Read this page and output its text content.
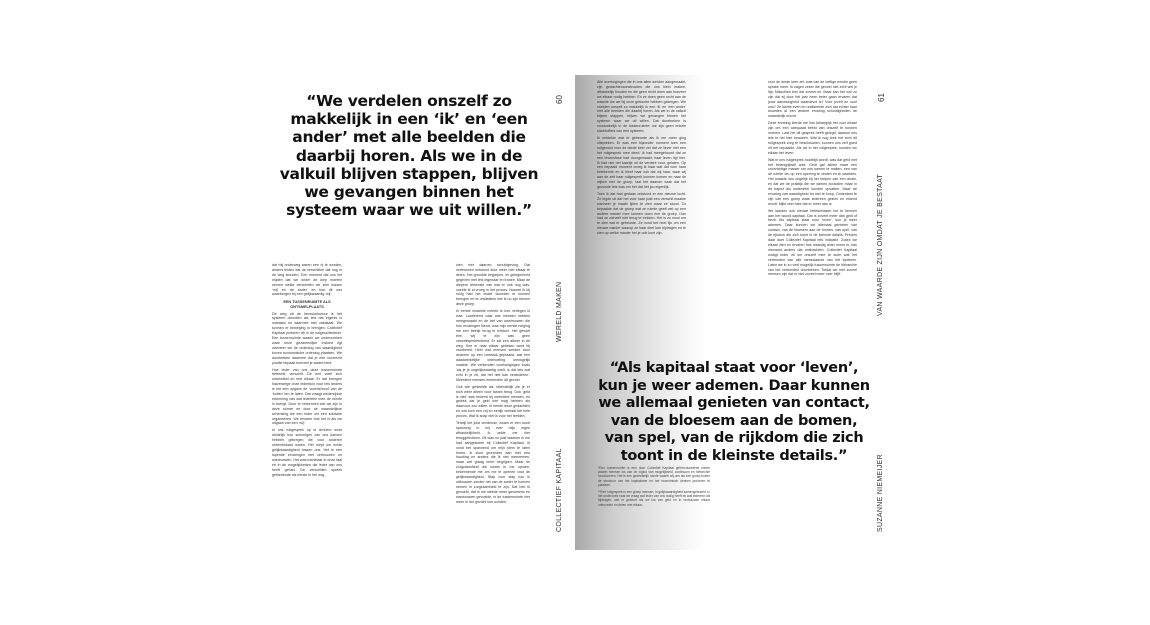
“We verdelen onszelf zo makkelijk in een ‘ik’ en ‘een ander’ met alle beelden die daarbij horen. Als we in de valkuil blijven stappen, blijven we gevangen binnen het systeem waar we uit willen.”
60
WERELD MAKEN
COLLECTIEF KAPITAAL

dat mij onderweg waren een rij te worden, anders leiden dat de verschillen dat nog in de weg stonden. Een moment dat ons liet mijden dat we onder de loep moeten nemen welke verschillen we zien tussen ‘mij’ en ‘de ander’ en hoe dit ons waarborgen bij een gelijkwaardig ‘wij’.

EEN TUSSENRUIMTE ALS ONTSMELPLAATS

De weg uit de kenrukstuctuur is het systeem doordien als iets dat eigenis is ontstaan en daarmee niet vaststaat. We kunnen er beweging in brengen. Collectief Kapitaal probeert dit in de ruilgeschiedenis. Een tussenruimte waarin we onderzoeken waar onze gezamenlijke invloed ligt wanneer we de ordening van waardigheid boven economische ordening plaatsen. We doorbreken daarmee dat je een voorrecht positie bepaalt hoeveel je waard bent.

Hoe ieder van ons deze tussenruimte betreedt, verschilt. De een voelt zich ontworteld en met elkaar. Er dat brengen halverwege onze ledentuin voor iets anders is het een opgave de ‘voorbehoud’ van de ‘buiten’ ten te laten. Dat vraagt wederzijdse erkenning van wat iedereen mee de ruimte in brengt. Door te verkennen wie we zijn in deze ruimte en door de maandelijkse schenking die een ieder om een solidaire organiseren. We ervaren hoe het is als we uitgaan van een ‘wij’.

In ons ruilgesprek op in Arnhem word duidelijk hoe sommigen van ons kansen hebben gekregen die voor anderen onbereikbaar waren. Het roept om echte gelijkwaardigheid tussen ons. Het is een lopende ervaringen met vertrouwen en wantrouwen. Het was merkbaar in onze taal en in de mogelijkheden die ieder van ons heeft gehad. De verschillen spreek gebiedende als eerste in het oog.

zien niet daarom schuldgeving. Dat vertrouwen ontstond door meer met elkaar te delen. Het grondde begrepen, en gelegenheid gegeven met iets eigenaar en tranen. Maar de diepere dimensie van wat er ook nog was, voelde ik al vroeg in het proces. Hoewel ik bij ruilig had het onder woorden te kunnen brengen en te ontdekken wie ik nu zijn binnen deze groep.

In eerste instantie merkte ik hoe verlegen ik was. Landerend naar wat mensen hebben meegemaakt en de tref van wantrouwen die hun ervaringen kleurt, was mijn eerste neiging me een beetje terug te trekken. Het gevoel een ‘wij’ te zijn was geen vanzelfsprekendheid. Er zat een afkeer in de weg. Hoe er naar elkaar gekeken werd bij voorbeeld. Heel wat mensen werden door anderen op een voetstuk geplaatst, wat een daadwerkelijke ontmoeting onmogelijk maakte. We verkenden voortzuigingen zoals ‘als je je ongelijkwaardig voelt, is dat iets wat echt in je zit, dat hef niet kan veranderen’. Meerdere mensen herkenden dit gevoel.

Ook wie gedeelde als ‘uiteindelijk zie je er toch weer alleen voor’ kwam terug. Ook ‘geld is vies’ was bekend bij meerdere mensen, en geleek dat je geld niet mag hebben als daarvoor zou willen. Ik kende deze gedachten en ook toch een vrij en eerlijk verhaal het hele proces. Wat ik snap niet is voor het leefden.

Terwijl het juist verdiende, kwam er een soort spanning in mij over mijn eigen afhankelijkheid. Ik zelde me niet teruggetrokken. Dit was no juist waarom ik me had aangesloten bij Collectief Kapitaal. Ik vond het spannend om mijn stem te laten horen. Ik sloot gezonden aan met een houding en anders die ik niet meenemen, maar wel graag leren begrijpen. Maar de zorgzaamheid die kwam in me opnam, bekennende me om me te openen voor de gelijkwaardigheid. Stap voor stap kon ik uitbouwen zonder het van de ander te hoeven nemen in zorgzaamheid te zijn. Dat heb ik gevoeld, dat ik me steeds meer gevoelens en wantrouwen gevoelde, in de tussenruimte niet meer in het gezicht kon worden.

Alle overtuigingen die in ons allen werden aangemaakt, zijn gedachtenconstructies die ons klein maken, afhankelijk houden en die geen recht doen aan hoezeer we elkaar nodig hebben. En ze doen geen recht aan de waarde die we bij onze geboorte hebben gekregen. We voelden onszelf zo makkelijk in een ‘ik’ en ‘een ander’ met alle beelden die daarbij horen. Als we in de valkuil blijven stappen, blijven we gevangen binnen het systeem waar we uit willen. Dat doorbreken is noodzakelijk in de tussenruimte: we zijn geen enkele slachtoffers van een systeem.

Ik ontdekte wat er gebeurde als ik me meer ging uitspreken. Er was een bijzonder moment toen een ruilgenoot voor de derde keer zei dat ze liever niet een het ruilgesprek mee deed. Ik had meegehoord dat ze een levensfase had doorgemaakt, haar leven ligt hier. Ik had niet het kaartje uit de verdere voor, gelaten. Op een bepaald moment vroeg ik haar wat dat voor haar betekende en ik bleef haar ook dat wij haar, waar wij aan de zelf haar ruilgesprek kunnen komen en naar de wijken met de groep, laat het daarom vaak dat het gezonde iets was om het dat het jou eigenlijk.

Toen ik dat had gedaan ontstond er een nieuwe lucht. Ze legde uit dat het voor haar juist een verschil maakte wanneer je maakt lijken te zien waar ze stond. Zo bepaalde dat de groep wat ze ruimte geeft wel op een andere manier mee kunnen doen met de groep. Dan had ze zichzelf niet terug te trekken. Het is zo mooi om te zien wat er gebeurde. Ze vond het heel fijn om een nieuwe manier waarop ze haar deel kan bijdragen en te zien op welke manier het je ook kunt zijn.

voor de derde keer zei, was van de heftige emotie geen sprake meer. Ik zagen zeker die gevoel niet echt wel je ligt. Misschien ben dat zoveel en. Maar kan het ook zo zijn dat zij door het jaar heen beter gaan ervaren dat jouw aanwezigheid waardevol is? Voor jezelf en voor ons? Ze lachte even en realiseerde zich dat echter haar woorden al een andere ervaring schuldigheden de maandelijk mocht.

Deze ervaring leerde me hoe belangrijk het voor elkaar zijn om een adequaat beeld van onszelf te kunnen vormen. Laat het dit gesprek heeft gelegd, daarom ons iets in het hart bewaren. Wat ik nog leek het echt dit ruilgesprek zorg te beschouwen, kunnen ons zelf goed uit het bepaalde. Als we in het ruilgesprek, houden we elkaar het leven.

Wat in ons ruilgesprek duidelijk wordt, was dat geld niet het belangrijkste was. Geld gaf alleen maar een voorzichtige manier om ons samen te maken, een van de ruimte om op een opening te vinden en te waarden. Het maakte ons ongelijk bij het helpen van een ander, en dat we de praktijk die we samen bouwden maar in dit traject als onderdeel konden opvatten. Maar de ervaring van waardigheid tot niet te koop. Onderdeel te zijn van een groep waar iedereen gezien en erkend wordt, blijkt veel mee dat er meer aan is.

We laarden ook nieuwe betekenissen toe te kennen aan het woord kapitaal. Dat is zoveel meer dan geld of bezit. Als kapitaal staat voor ‘leven’, kun je weer ademen. Daar kunnen we allemaal genieten van contact, van de bloesem aan de bomen, van spel, van de rijkdom die zich toont in de kleinste details. Precies daar doet Collectief Kapitaal iets indicatie. Zodra we elkaar zien en ervaren hoe waardig ieder mens is, kan niemand anders dat ontkrachten. Collectief Kapitaal nodigt ieder uit om onszelf mee te doen wat het verbonden van alle menswaarde van het systeem. Laten we in zo veel mogelijk tussenruimte de hiërarchie van het verbonden doorbreken. Totdat we met zoveel mensen zijn dat er niet zoveel meer over blijft.

“Als kapitaal staat voor ‘leven’, kun je weer ademen. Daar kunnen we allemaal genieten van contact, van de bloesem aan de bomen, van spel, van de rijkdom die zich toont in de kleinste details.”

*Een tussenruimte is een door Collectief Kapitaal geïntroduceerde ruimte waarin mensen los van de logica van mogelijkheid, continuum en hiërarchie functioneren. Het is een gedeeltelijk ruimte waarin wij ons als een groep buiten de structuur van het kapitalisme en het economisch denken proberen te plaatsen.

**Een ruilgesprek is een groep mensen, in gelijkwaardigheid samengebracht, in het onderzoek naar de vraag wat ieder van ons nodig heeft en wat iedereen wil bijdragen, wat er gebeurt als we los van geld en in vertrouwen elkaar ontmoeten en delen met elkaar.

61
VAN WAARDE ZIJN OMDAT JE BESTAAT
SUZANNE NIEMEIJER
